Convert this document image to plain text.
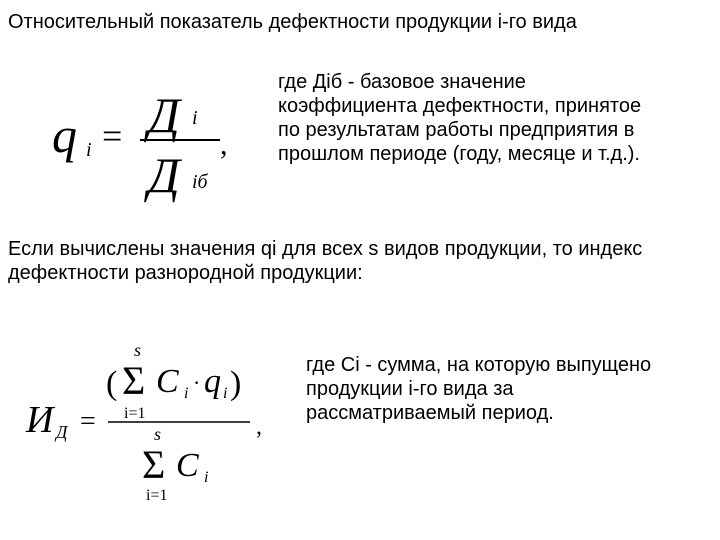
Относительный показатель дефектности продукции i-го вида
q i = Д i
Д iб
,
где Діб - базовое значение
коэффициента дефектности, принятое
по результатам работы предприятия в
прошлом периоде (году, месяце и т.д.).
Если вычислены значения qi для всех s видов продукции, то индекс
дефектности разнородной продукции:
s
( Σ C i · q i )
i=1
И Д =	,
s
Σ C i
i=1
где Ci - сумма, на которую выпущено
продукции i-го вида за
рассматриваемый период.
